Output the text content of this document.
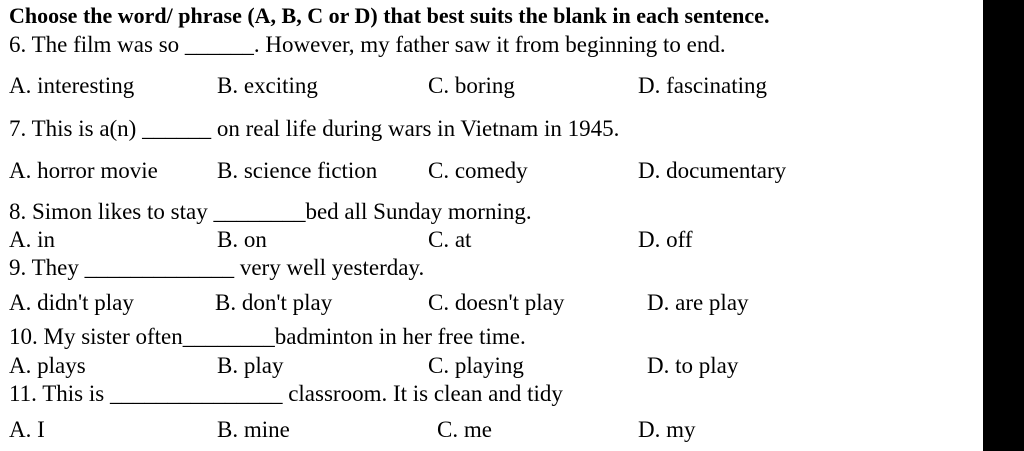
Choose the word/ phrase (A, B, C or D) that best suits the blank in each sentence.
6. The film was so ______. However, my father saw it from beginning to end.
A. interesting	B. exciting	C. boring	D. fascinating
7. This is a(n) ______ on real life during wars in Vietnam in 1945.
A. horror movie	B. science fiction C. comedy	D. documentary
8. Simon likes to stay ________bed all Sunday morning.
A. in	B. on	C. at	D. off
9. They _____________ very well yesterday.
A. didn't play	B. don't play	C. doesn't play	D. are play
10. My sister often________badminton in her free time.
A. plays	B. play	C. playing	D. to play
11. This is _______________ classroom. It is clean and tidy
A. I	B. mine	C. me	D. my
